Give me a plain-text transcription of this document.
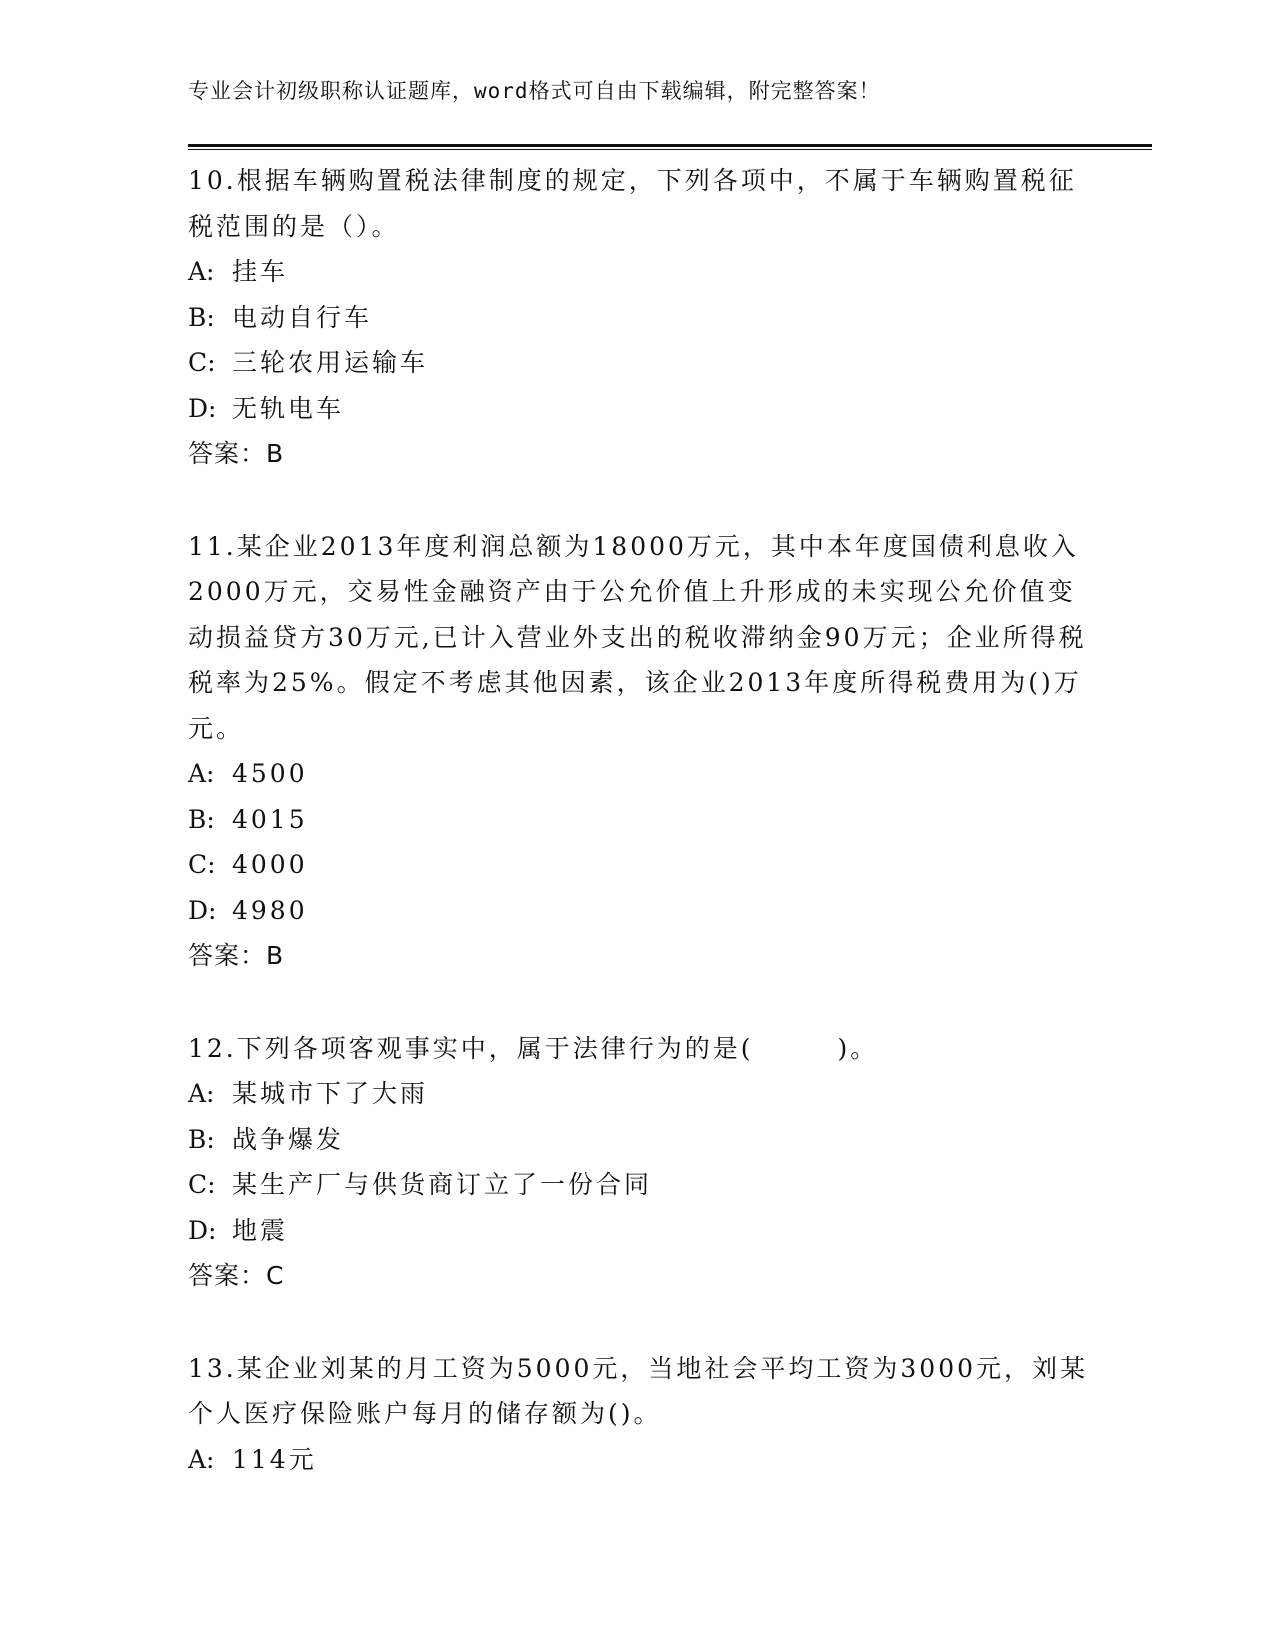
专业会计初级职称认证题库，word格式可自由下载编辑，附完整答案！

10.根据车辆购置税法律制度的规定，下列各项中，不属于车辆购置税征税范围的是（）。

A: 挂车

B: 电动自行车

C: 三轮农用运输车

D: 无轨电车

答案：B

11.某企业2013年度利润总额为18000万元，其中本年度国债利息收入2000万元，交易性金融资产由于公允价值上升形成的未实现公允价值变动损益贷方30万元,已计入营业外支出的税收滞纳金90万元；企业所得税税率为25%。假定不考虑其他因素，该企业2013年度所得税费用为()万元。

A: 4500

B: 4015

C: 4000

D: 4980

答案：B

12.下列各项客观事实中，属于法律行为的是(　　　)。

A: 某城市下了大雨

B: 战争爆发

C: 某生产厂与供货商订立了一份合同

D: 地震

答案：C

13.某企业刘某的月工资为5000元，当地社会平均工资为3000元，刘某个人医疗保险账户每月的储存额为()。

A: 114元
